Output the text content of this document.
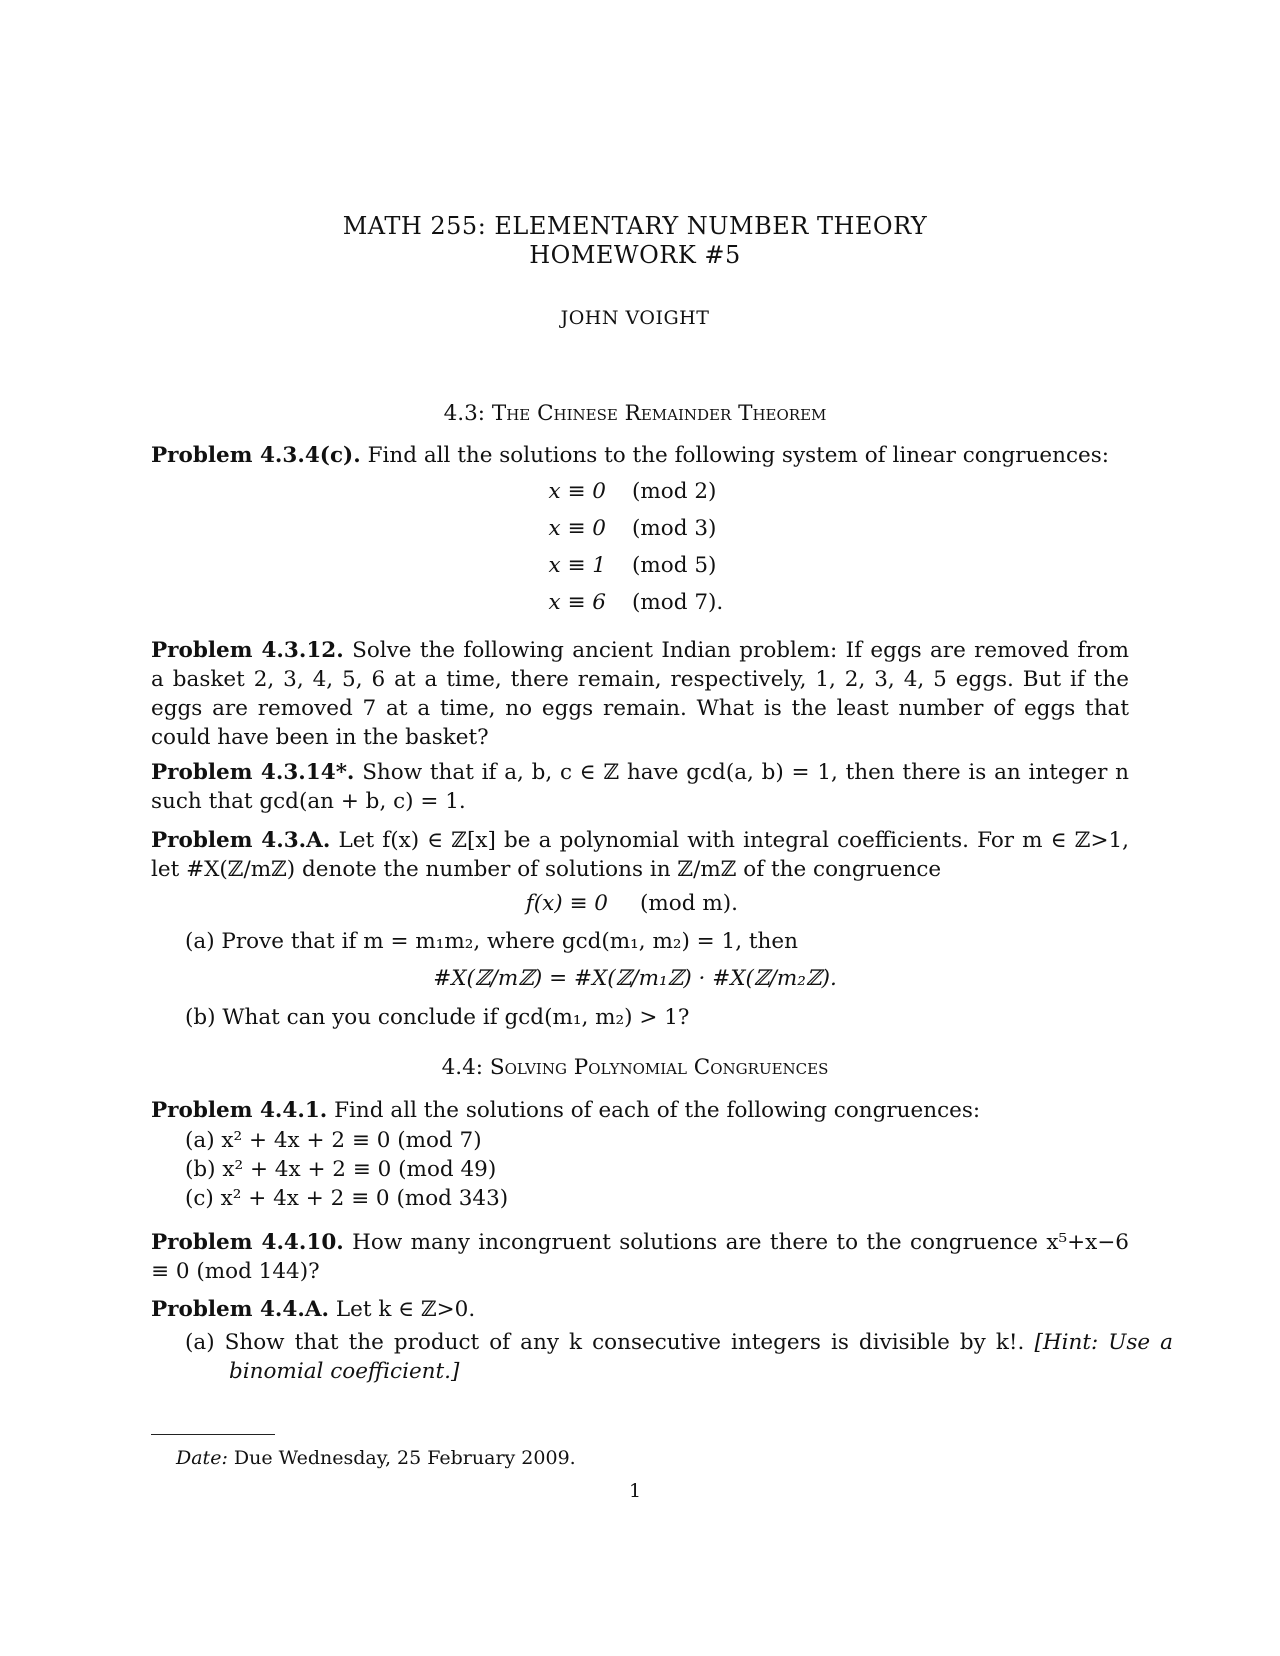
MATH 255: ELEMENTARY NUMBER THEORY
HOMEWORK #5
JOHN VOIGHT
4.3: The Chinese Remainder Theorem
Problem 4.3.4(c). Find all the solutions to the following system of linear congruences:
x ≡ 0 (mod 2)
x ≡ 0 (mod 3)
x ≡ 1 (mod 5)
x ≡ 6 (mod 7).
Problem 4.3.12. Solve the following ancient Indian problem: If eggs are removed from a basket 2, 3, 4, 5, 6 at a time, there remain, respectively, 1, 2, 3, 4, 5 eggs. But if the eggs are removed 7 at a time, no eggs remain. What is the least number of eggs that could have been in the basket?
Problem 4.3.14*. Show that if a, b, c ∈ ℤ have gcd(a, b) = 1, then there is an integer n such that gcd(an + b, c) = 1.
Problem 4.3.A. Let f(x) ∈ ℤ[x] be a polynomial with integral coefficients. For m ∈ ℤ>1, let #X(ℤ/mℤ) denote the number of solutions in ℤ/mℤ of the congruence
f(x) ≡ 0 (mod m).
(a) Prove that if m = m₁m₂, where gcd(m₁, m₂) = 1, then
#X(ℤ/mℤ) = #X(ℤ/m₁ℤ) · #X(ℤ/m₂ℤ).
(b) What can you conclude if gcd(m₁, m₂) > 1?
4.4: Solving Polynomial Congruences
Problem 4.4.1. Find all the solutions of each of the following congruences:
(a) x² + 4x + 2 ≡ 0 (mod 7)
(b) x² + 4x + 2 ≡ 0 (mod 49)
(c) x² + 4x + 2 ≡ 0 (mod 343)
Problem 4.4.10. How many incongruent solutions are there to the congruence x⁵+x−6 ≡ 0 (mod 144)?
Problem 4.4.A. Let k ∈ ℤ>0.
(a) Show that the product of any k consecutive integers is divisible by k!. [Hint: Use a binomial coefficient.]
Date: Due Wednesday, 25 February 2009.
1
